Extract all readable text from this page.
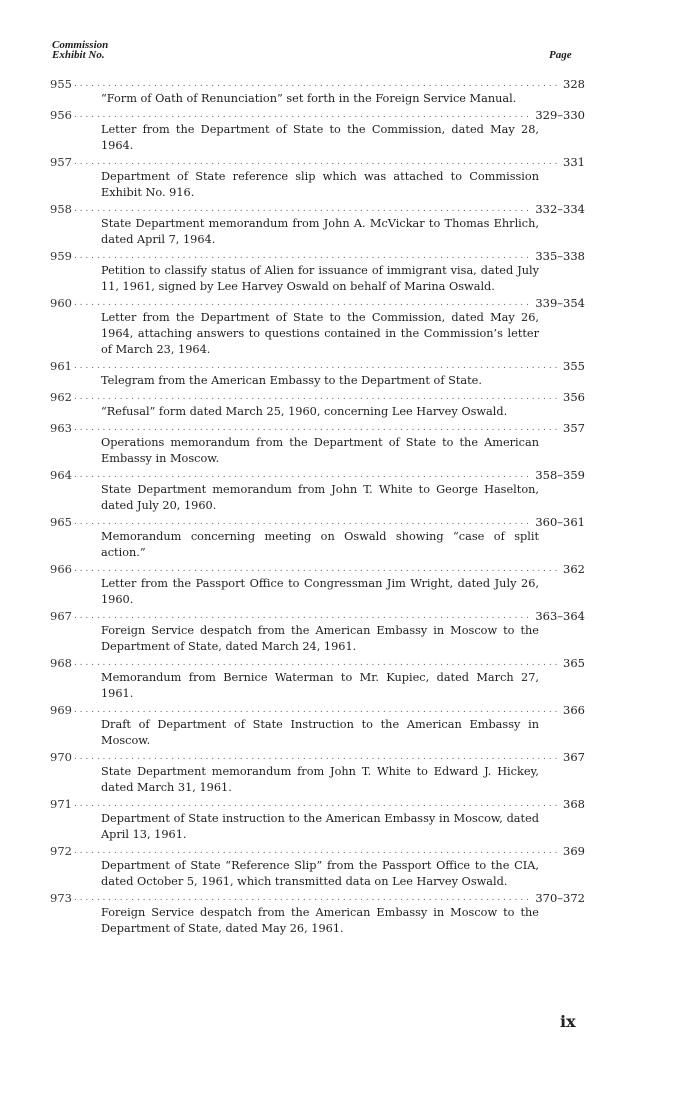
Commission
Exhibit No.	Page
955 . . .	328

“Form of Oath of Renunciation” set forth in the Foreign Service Manual.

956 . . .	329–330

Letter from the Department of State to the Commission, dated May 28, 1964.

957 . . .	331

Department of State reference slip which was attached to Commission Exhibit No. 916.

958 . . .	332–334

State Department memorandum from John A. McVickar to Thomas Ehrlich, dated April 7, 1964.

959 . . .	335–338

Petition to classify status of Alien for issuance of immigrant visa, dated July 11, 1961, signed by Lee Harvey Oswald on behalf of Marina Oswald.

960 . . .	339–354

Letter from the Department of State to the Commission, dated May 26, 1964, attaching answers to questions contained in the Commission’s letter of March 23, 1964.

961 . . .	355

Telegram from the American Embassy to the Department of State.

962 . . .	356

“Refusal” form dated March 25, 1960, concerning Lee Harvey Oswald.

963 . . .	357

Operations memorandum from the Department of State to the American Embassy in Moscow.

964 . . .	358–359

State Department memorandum from John T. White to George Haselton, dated July 20, 1960.

965 . . .	360–361

Memorandum concerning meeting on Oswald showing “case of split action.”

966 . . .	362

Letter from the Passport Office to Congressman Jim Wright, dated July 26, 1960.

967 . . .	363–364

Foreign Service despatch from the American Embassy in Moscow to the Department of State, dated March 24, 1961.

968 . . .	365

Memorandum from Bernice Waterman to Mr. Kupiec, dated March 27, 1961.

969 . . .	366

Draft of Department of State Instruction to the American Embassy in Moscow.

970 . . .	367

State Department memorandum from John T. White to Edward J. Hickey, dated March 31, 1961.

971 . . .	368

Department of State instruction to the American Embassy in Moscow, dated April 13, 1961.

972 . . .	369

Department of State “Reference Slip” from the Passport Office to the CIA, dated October 5, 1961, which transmitted data on Lee Harvey Oswald.

973 . . .	370–372

Foreign Service despatch from the American Embassy in Moscow to the Department of State, dated May 26, 1961.

ix
